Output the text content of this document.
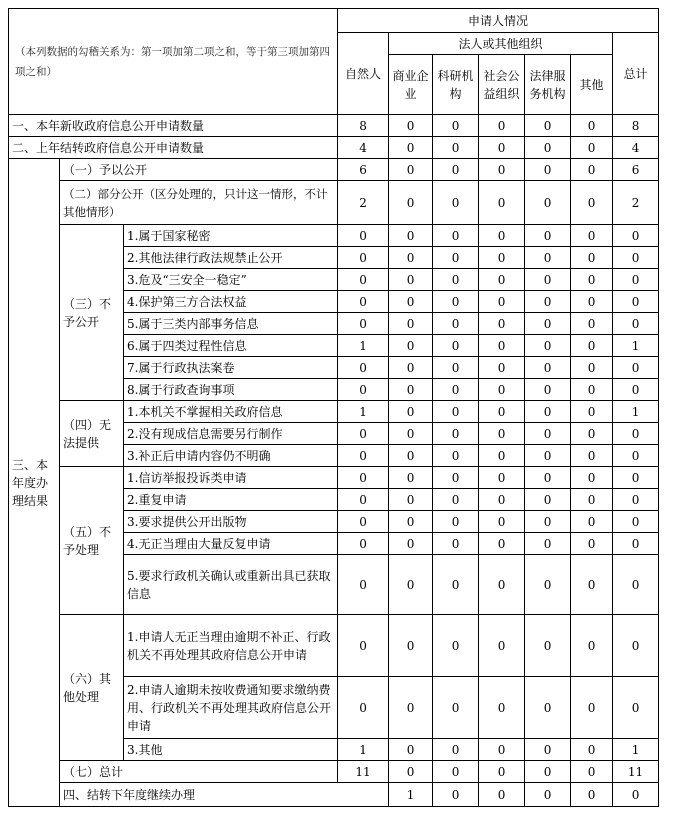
（本列数据的勾稽关系为：第一项加第二项之和，等于第三项加第四项之和）			申请人情况							
			自然人	法人或其他组织					总计	
				商业企业	科研机构	社会公益组织	法律服务机构	其他		
一、本年新收政府信息公开申请数量			8	0	0	0	0	0	8	
二、上年结转政府信息公开申请数量			4	0	0	0	0	0	4	
三、本年度办理结果	（一）予以公开		6	0	0	0	0	0	6	
	（二）部分公开（区分处理的，只计这一情形，不计其他情形）		2	0	0	0	0	0	2	
	（三）不予公开	1.属于国家秘密	0	0	0	0	0	0	0	
		2.其他法律行政法规禁止公开	0	0	0	0	0	0	0	
		3.危及“三安全一稳定”	0	0	0	0	0	0	0	
		4.保护第三方合法权益	0	0	0	0	0	0	0	
		5.属于三类内部事务信息	0	0	0	0	0	0	0	
		6.属于四类过程性信息	1	0	0	0	0	0	1	
		7.属于行政执法案卷	0	0	0	0	0	0	0	
		8.属于行政查询事项	0	0	0	0	0	0	0	
	（四）无法提供	1.本机关不掌握相关政府信息	1	0	0	0	0	0	1	
		2.没有现成信息需要另行制作	0	0	0	0	0	0	0	
		3.补正后申请内容仍不明确	0	0	0	0	0	0	0	
	（五）不予处理	1.信访举报投诉类申请	0	0	0	0	0	0	0	
		2.重复申请	0	0	0	0	0	0	0	
		3.要求提供公开出版物	0	0	0	0	0	0	0	
		4.无正当理由大量反复申请	0	0	0	0	0	0	0	
		5.要求行政机关确认或重新出具已获取信息	0	0	0	0	0	0	0	
	（六）其他处理	1.申请人无正当理由逾期不补正、行政机关不再处理其政府信息公开申请	0	0	0	0	0	0	0	
		2.申请人逾期未按收费通知要求缴纳费用、行政机关不再处理其政府信息公开申请	0	0	0	0	0	0	0	
		3.其他	1	0	0	0	0	0	1	
	（七）总计		11	0	0	0	0	0	11	
	四、结转下年度继续办理			1	0	0	0	0	0	
